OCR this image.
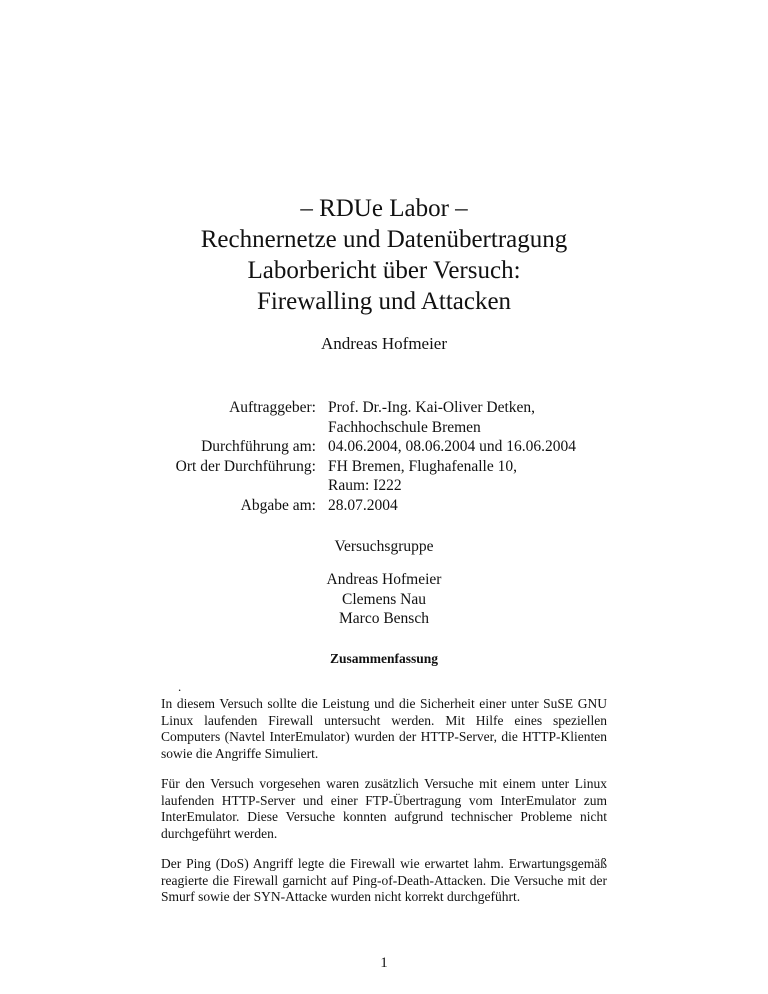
– RDUe Labor –
Rechnernetze und Datenübertragung
Laborbericht über Versuch:
Firewalling und Attacken
Andreas Hofmeier
Auftraggeber:
Durchführung am:
Ort der Durchführung:
Abgabe am:
Prof. Dr.-Ing. Kai-Oliver Detken,
Fachhochschule Bremen
04.06.2004, 08.06.2004 und 16.06.2004
FH Bremen, Flughafenalle 10,
Raum: I222
28.07.2004
Versuchsgruppe
Andreas Hofmeier
Clemens Nau
Marco Bensch
Zusammenfassung
.

In diesem Versuch sollte die Leistung und die Sicherheit einer unter SuSE GNU Linux laufenden Firewall untersucht werden. Mit Hilfe eines speziellen Computers (Navtel InterEmulator) wurden der HTTP-Server, die HTTP-Klienten sowie die Angriffe Simuliert.

Für den Versuch vorgesehen waren zusätzlich Versuche mit einem unter Linux laufenden HTTP-Server und einer FTP-Übertragung vom InterEmulator zum InterEmulator. Diese Versuche konnten aufgrund technischer Probleme nicht durchgeführt werden.

Der Ping (DoS) Angriff legte die Firewall wie erwartet lahm. Erwartungsgemäß reagierte die Firewall garnicht auf Ping-of-Death-Attacken. Die Versuche mit der Smurf sowie der SYN-Attacke wurden nicht korrekt durchgeführt.

1
